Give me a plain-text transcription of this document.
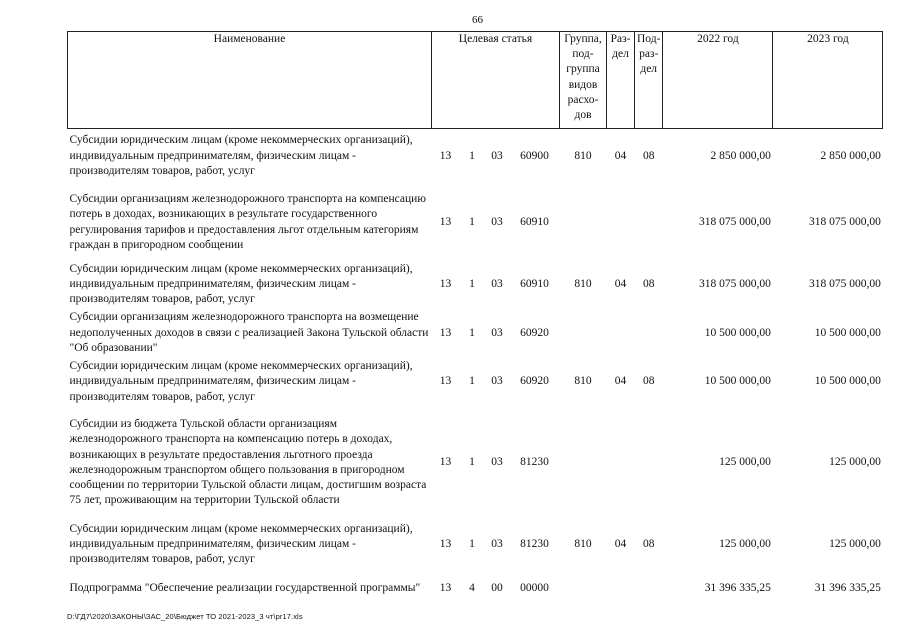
66
Наименование	Целевая статья				Группа, под-группа видов расхо-дов	Раз-дел	Под-раз-дел	2022 год	2023 год
Субсидии юридическим лицам (кроме некоммерческих организаций), индивидуальным предпринимателям, физическим лицам - производителям товаров, работ, услуг	13	1	03	60900	810	04	08	2 850 000,00	2 850 000,00
Субсидии организациям железнодорожного транспорта на компенсацию потерь в доходах, возникающих в результате государственного регулирования тарифов и предоставления льгот отдельным категориям граждан в пригородном сообщении	13	1	03	60910				318 075 000,00	318 075 000,00
Субсидии юридическим лицам (кроме некоммерческих организаций), индивидуальным предпринимателям, физическим лицам - производителям товаров, работ, услуг	13	1	03	60910	810	04	08	318 075 000,00	318 075 000,00
Субсидии организациям железнодорожного транспорта на возмещение недополученных доходов в связи с реализацией Закона Тульской области "Об образовании"	13	1	03	60920				10 500 000,00	10 500 000,00
Субсидии юридическим лицам (кроме некоммерческих организаций), индивидуальным предпринимателям, физическим лицам - производителям товаров, работ, услуг	13	1	03	60920	810	04	08	10 500 000,00	10 500 000,00
Субсидии из бюджета Тульской области организациям железнодорожного транспорта на компенсацию потерь в доходах, возникающих в результате предоставления льготного проезда железнодорожным транспортом общего пользования в пригородном сообщении по территории Тульской области лицам, достигшим возраста 75 лет, проживающим на территории Тульской области	13	1	03	81230				125 000,00	125 000,00
Субсидии юридическим лицам (кроме некоммерческих организаций), индивидуальным предпринимателям, физическим лицам - производителям товаров, работ, услуг	13	1	03	81230	810	04	08	125 000,00	125 000,00
Подпрограмма "Обеспечение реализации государственной программы"	13	4	00	00000				31 396 335,25	31 396 335,25
D:\ГД7\2020\ЗАКОНЫ\ЗАС_20\Бюджет ТО 2021-2023_3 чт\pr17.xls
